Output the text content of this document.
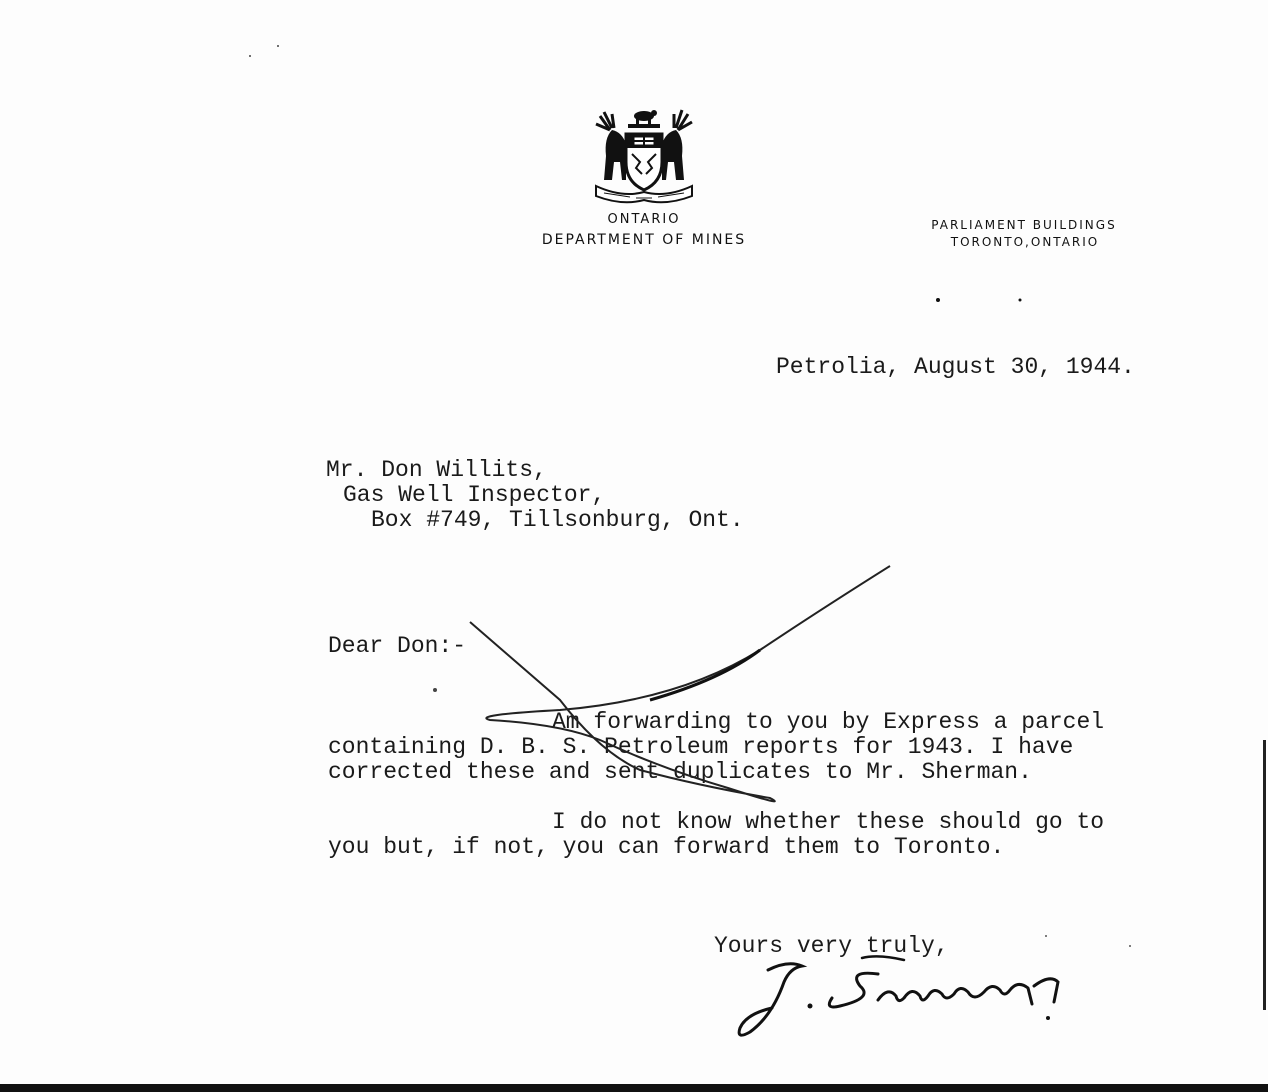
ONTARIO
DEPARTMENT OF MINES
PARLIAMENT BUILDINGS
TORONTO,ONTARIO
Petrolia, August 30, 1944.
Mr. Don Willits,
Gas Well Inspector,
Box #749, Tillsonburg, Ont.
Dear Don:-
Am forwarding to you by Express a parcel
containing D. B. S. Petroleum reports for 1943. I have
corrected these and sent duplicates to Mr. Sherman.
I do not know whether these should go to
you but, if not, you can forward them to Toronto.
Yours very truly,
